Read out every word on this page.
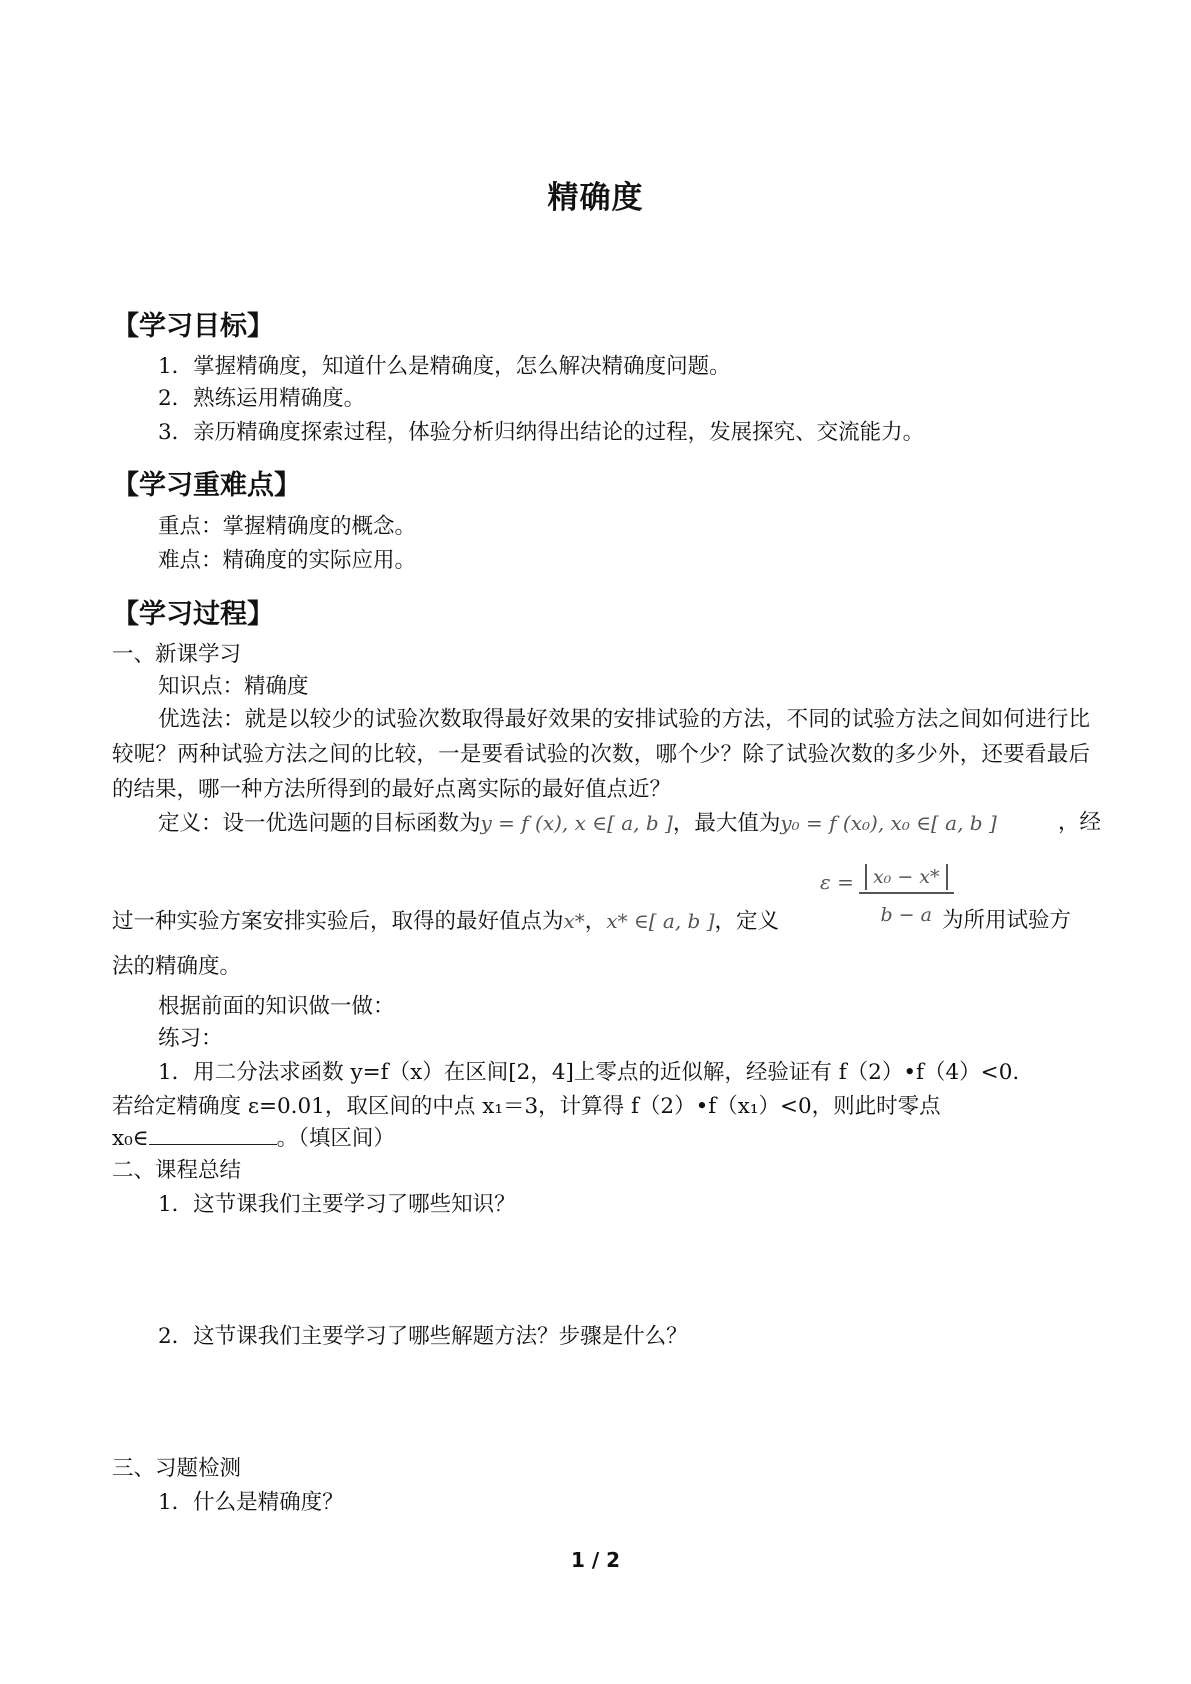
精确度
【学习目标】
1．掌握精确度，知道什么是精确度，怎么解决精确度问题。
2．熟练运用精确度。
3．亲历精确度探索过程，体验分析归纳得出结论的过程，发展探究、交流能力。
【学习重难点】
重点：掌握精确度的概念。
难点：精确度的实际应用。
【学习过程】
一、新课学习
知识点：精确度
优选法：就是以较少的试验次数取得最好效果的安排试验的方法，不同的试验方法之间如何进行比较呢？两种试验方法之间的比较，一是要看试验的次数，哪个少？除了试验次数的多少外，还要看最后的结果，哪一种方法所得到的最好点离实际的最好值点近？
定义：设一优选问题的目标函数为y = f (x), x ∈[ a, b ]，最大值为y₀ = f (x₀), x₀ ∈[ a, b ]	，经
过一种实验方案安排实验后，取得的最好值点为x*，x* ∈[ a, b ]，定义
$\varepsilon = \frac{\text{x₀ − x*}}{b - a}$
为所用试验方
法的精确度。
根据前面的知识做一做：
练习：
1．用二分法求函数 y=f（x）在区间[2，4]上零点的近似解，经验证有 f（2）•f（4）<0.
若给定精确度 ε=0.01，取区间的中点 x₁＝3，计算得 f（2）•f（x₁）<0，则此时零点
x₀∈	。（填区间）
二、课程总结
1．这节课我们主要学习了哪些知识？
2．这节课我们主要学习了哪些解题方法？步骤是什么？
三、习题检测
1．什么是精确度？
1 / 2
